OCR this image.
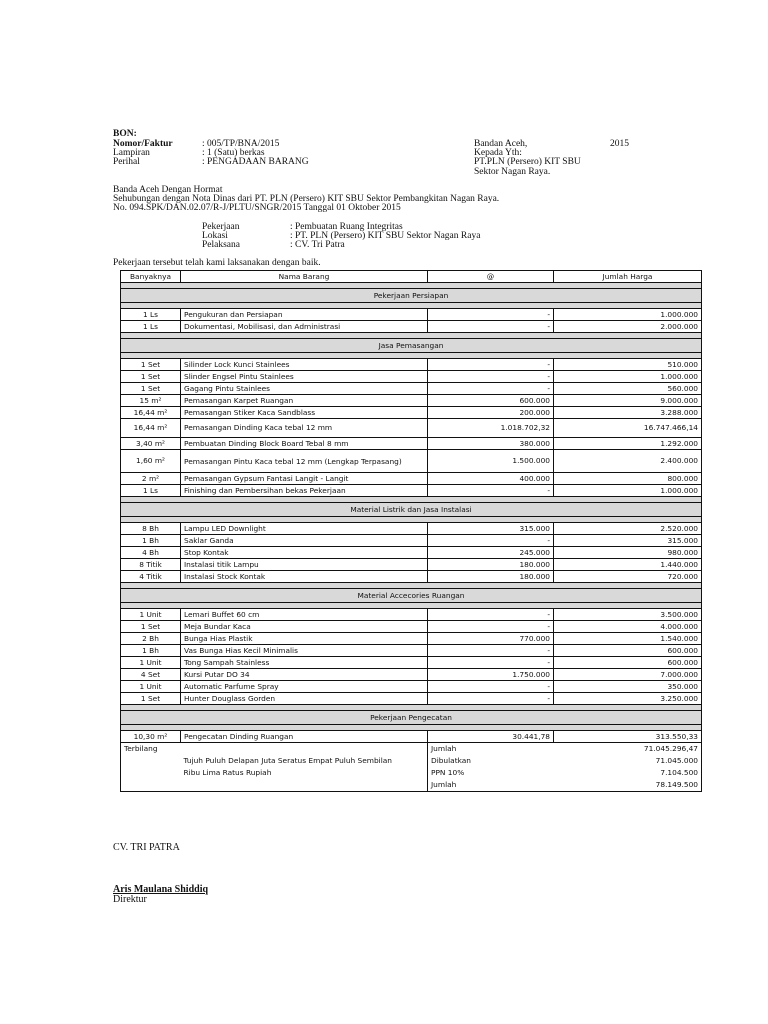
BON:
Nomor/Faktur	: 005/TP/BNA/2015
Lampiran	: 1 (Satu) berkas
Perihal	: PENGADAAN BARANG
Bandan Aceh,	2015
Kepada Yth:
PT.PLN (Persero) KIT SBU
Sektor Nagan Raya.
Banda Aceh Dengan Hormat
Sehubungan dengan Nota Dinas dari PT. PLN (Persero) KIT SBU Sektor Pembangkitan Nagan Raya.
No. 094.SPK/DAN.02.07/R-J/PLTU/SNGR/2015 Tanggal 01 Oktober 2015
Pekerjaan	: Pembuatan Ruang Integritas
Lokasi	: PT. PLN (Persero) KIT SBU Sektor Nagan Raya
Pelaksana	: CV. Tri Patra
Pekerjaan tersebut telah kami laksanakan dengan baik.
Banyaknya	Nama Barang	@	Jumlah Harga

Pekerjaan Persiapan			

1 Ls	Pengukuran dan Persiapan	-	1.000.000
1 Ls	Dokumentasi, Mobilisasi, dan Administrasi	-	2.000.000

Jasa Pemasangan			

1 Set	Silinder Lock Kunci Stainlees	-	510.000
1 Set	Slinder Engsel Pintu Stainlees	-	1.000.000
1 Set	Gagang Pintu Stainlees	-	560.000
15 m²	Pemasangan Karpet Ruangan	600.000	9.000.000
16,44 m²	Pemasangan Stiker Kaca Sandblass	200.000	3.288.000
16,44 m²	Pemasangan Dinding Kaca tebal 12 mm	1.018.702,32	16.747.466,14
3,40 m²	Pembuatan Dinding Block Board Tebal 8 mm	380.000	1.292.000
1,60 m²	Pemasangan Pintu Kaca tebal 12 mm (Lengkap Terpasang)	1.500.000	2.400.000
2 m²	Pemasangan Gypsum Fantasi Langit - Langit	400.000	800.000
1 Ls	Finishing dan Pembersihan bekas Pekerjaan	-	1.000.000

Material Listrik dan Jasa Instalasi			

8 Bh	Lampu LED Downlight	315.000	2.520.000
1 Bh	Saklar Ganda	-	315.000
4 Bh	Stop Kontak	245.000	980.000
8 Titik	Instalasi titik Lampu	180.000	1.440.000
4 Titik	Instalasi Stock Kontak	180.000	720.000

Material Accecories Ruangan			

1 Unit	Lemari Buffet 60 cm	-	3.500.000
1 Set	Meja Bundar Kaca	-	4.000.000
2 Bh	Bunga Hias Plastik	770.000	1.540.000
1 Bh	Vas Bunga Hias Kecil Minimalis	-	600.000
1 Unit	Tong Sampah Stainless	-	600.000
4 Set	Kursi Putar DO 34	1.750.000	7.000.000
1 Unit	Automatic Parfume Spray	-	350.000
1 Set	Hunter Douglass Gorden	-	3.250.000

Pekerjaan Pengecatan			

10,30 m²	Pengecatan Dinding Ruangan	30.441,78	313.550,33
Terbilang		Jumlah	71.045.296,47
	Tujuh Puluh Delapan Juta Seratus Empat Puluh Sembilan	Dibulatkan	71.045.000
	Ribu Lima Ratus Rupiah	PPN 10%	7.104.500
		Jumlah	78.149.500
CV. TRI PATRA
Aris Maulana Shiddiq
Direktur
